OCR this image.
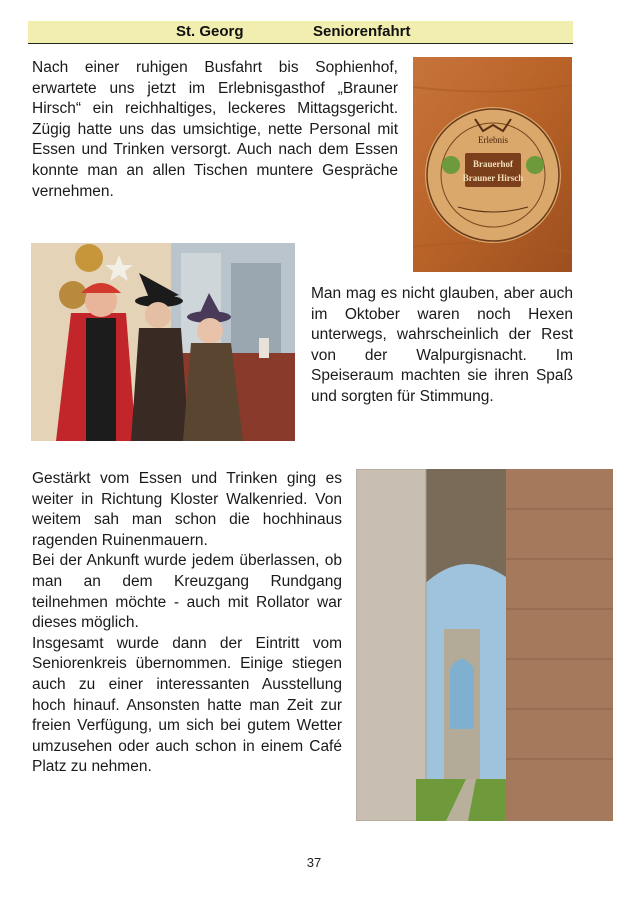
St. Georg	Seniorenfahrt

Nach einer ruhigen Busfahrt bis Sophienhof, erwartete uns jetzt im Erlebnisgasthof „Brauner Hirsch“ ein reichhaltiges, leckeres Mittagsgericht. Zügig hatte uns das umsichtige, nette Personal mit Essen und Trinken versorgt. Auch nach dem Essen konnte man an allen Tischen muntere Gespräche vernehmen.

Erlebnis
Brauerhof
Brauner Hirsch

Man mag es nicht glauben, aber auch im Oktober waren noch Hexen unterwegs, wahrscheinlich der Rest von der Walpurgisnacht. Im Speiseraum machten sie ihren Spaß und sorgten für Stimmung.

Gestärkt vom Essen und Trinken ging es weiter in Richtung Kloster Walkenried. Von weitem sah man schon die hochhinaus ragenden Ruinenmauern.
Bei der Ankunft wurde jedem überlassen, ob man an dem Kreuzgang Rundgang teilnehmen möchte - auch mit Rollator war dieses möglich.
Insgesamt wurde dann der Eintritt vom Seniorenkreis übernommen. Einige stiegen auch zu einer interessanten Ausstellung hoch hinauf. Ansonsten hatte man Zeit zur freien Verfügung, um sich bei gutem Wetter umzusehen oder auch schon in einem Café Platz zu nehmen.
37
